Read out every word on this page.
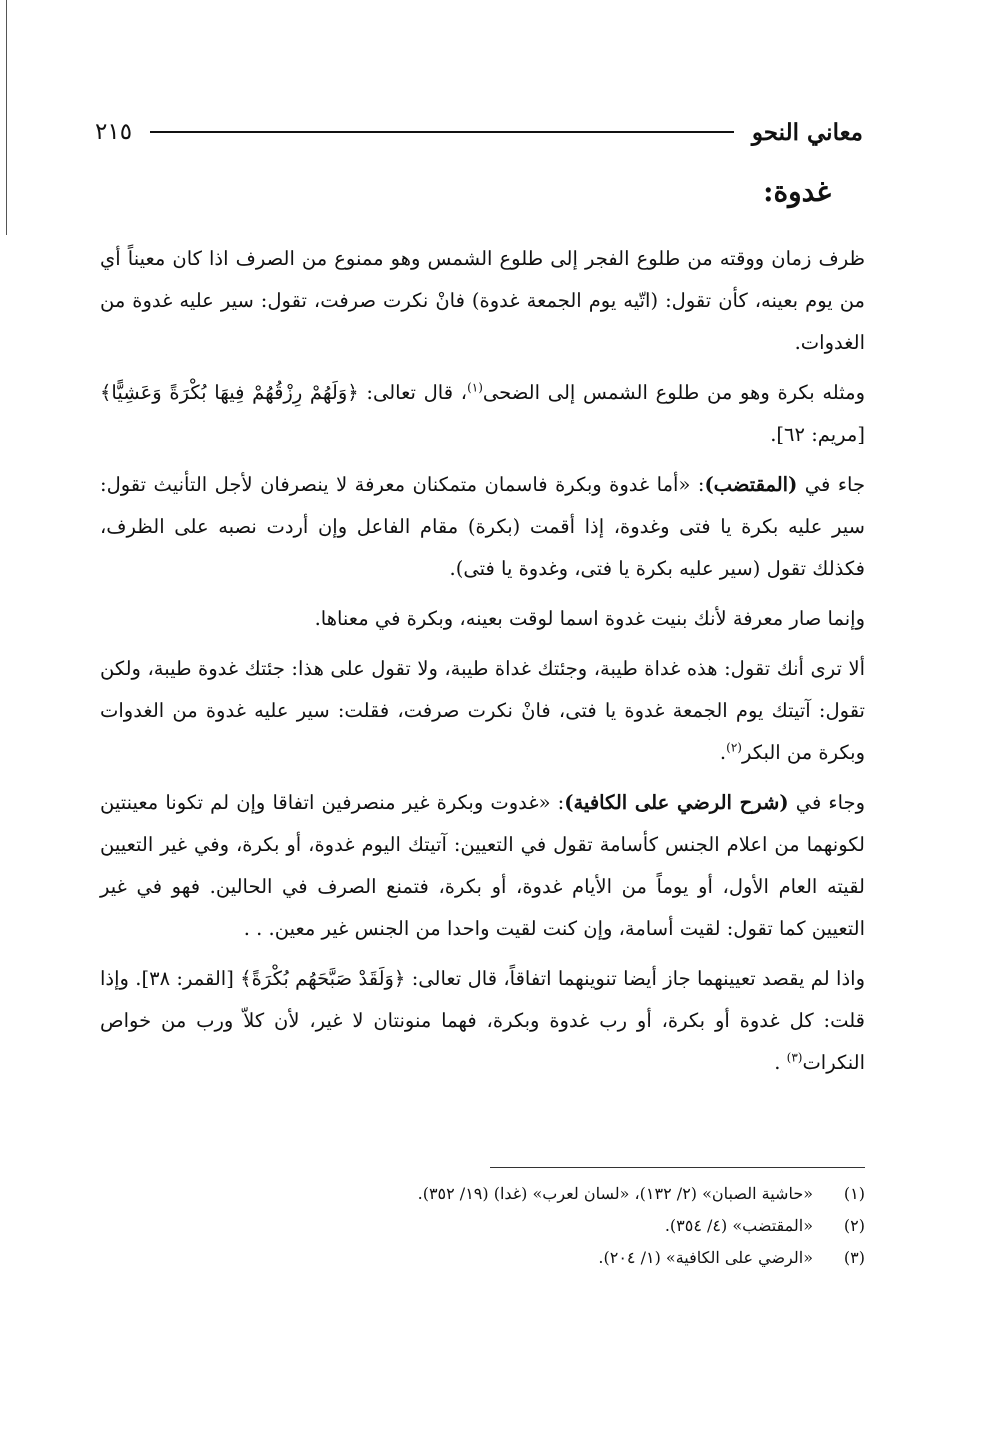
معاني النحو
٢١٥
غدوة:

ظرف زمان ووقته من طلوع الفجر إلى طلوع الشمس وهو ممنوع من الصرف اذا كان معيناً أي من يوم بعينه، كأن تقول: (اتّيه يوم الجمعة غدوة) فانْ نكرت صرفت، تقول: سير عليه غدوة من الغدوات.

ومثله بكرة وهو من طلوع الشمس إلى الضحى$^{(١)}$، قال تعالى: ﴿وَلَهُمْ رِزْقُهُمْ فِيهَا بُكْرَةً وَعَشِيًّا﴾ [مريم: ٦٢].

جاء في (المقتضب): «أما غدوة وبكرة فاسمان متمكنان معرفة لا ينصرفان لأجل التأنيث تقول: سير عليه بكرة يا فتى وغدوة، إذا أقمت (بكرة) مقام الفاعل وإن أردت نصبه على الظرف، فكذلك تقول (سير عليه بكرة يا فتى، وغدوة يا فتى).

وإنما صار معرفة لأنك بنيت غدوة اسما لوقت بعينه، وبكرة في معناها.

ألا ترى أنك تقول: هذه غداة طيبة، وجئتك غداة طيبة، ولا تقول على هذا: جئتك غدوة طيبة، ولكن تقول: آتيتك يوم الجمعة غدوة يا فتى، فانْ نكرت صرفت، فقلت: سير عليه غدوة من الغدوات وبكرة من البكر$^{(٢)}$.

وجاء في (شرح الرضي على الكافية): «غدوت وبكرة غير منصرفين اتفاقا وإن لم تكونا معينتين لكونهما من اعلام الجنس كأسامة تقول في التعيين: آتيتك اليوم غدوة، أو بكرة، وفي غير التعيين لقيته العام الأول، أو يوماً من الأيام غدوة، أو بكرة، فتمنع الصرف في الحالين. فهو في غير التعيين كما تقول: لقيت أسامة، وإن كنت لقيت واحدا من الجنس غير معين. . .

واذا لم يقصد تعيينهما جاز أيضا تنوينهما اتفاقاً، قال تعالى: ﴿وَلَقَدْ صَبَّحَهُم بُكْرَةً﴾ [القمر: ٣٨]. وإذا قلت: كل غدوة أو بكرة، أو رب غدوة وبكرة، فهما منونتان لا غير، لأن كلاّ ورب من خواص النكرات$^{(٣)}$ .

(١)
«حاشية الصبان» (٢/ ١٣٢)، «لسان لعرب» (غدا) (١٩/ ٣٥٢).
(٢)
«المقتضب» (٤/ ٣٥٤).
(٣)
«الرضي على الكافية» (١/ ٢٠٤).
